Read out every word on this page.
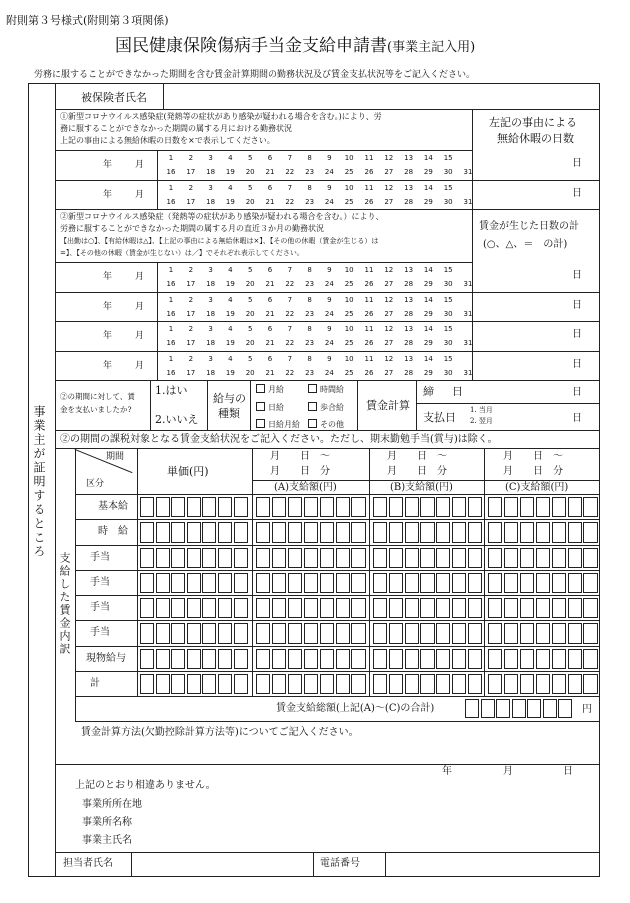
附則第３号様式(附則第３項関係)
国民健康保険傷病手当金支給申請書(事業主記入用)
労務に服することができなかった期間を含む賃金計算期間の勤務状況及び賃金支払状況等をご記入ください。
事業主が証明するところ
被保険者氏名
①新型コロナウイルス感染症(発熱等の症状があり感染が疑われる場合を含む。)により、労
務に服することができなかった期間の属する月における勤務状況
上記の事由による無給休暇の日数を×で表示してください。
左記の事由による
無給休暇の日数
年	月
1	2	3	4	5	6	7	8	9	10 11 12 13 14 15
16 17 18 19 20 21 22 23 24 25 26 27 28 29 30 31
日
年	月
1	2	3	4	5	6	7	8	9	10 11 12 13 14 15
16 17 18 19 20 21 22 23 24 25 26 27 28 29 30 31
日
②新型コロナウイルス感染症（発熱等の症状があり感染が疑われる場合を含む。）により、
労務に服することができなかった期間の属する月の直近３か月の勤務状況
【出勤は○】、【有給休暇は△】、【上記の事由による無給休暇は×】、【その他の休暇（賃金が生じる）は
=】、【その他の休暇（賃金が生じない）は／】でそれぞれ表示してください。
賃金が生じた日数の計
(○、△、＝　の計)
年	月
1	2	3	4	5	6	7	8	9	10 11 12 13 14 15
16 17 18 19 20 21 22 23 24 25 26 27 28 29 30 31
日
年	月
1	2	3	4	5	6	7	8	9	10 11 12 13 14 15
16 17 18 19 20 21 22 23 24 25 26 27 28 29 30 31
日
年	月
1	2	3	4	5	6	7	8	9	10 11 12 13 14 15
16 17 18 19 20 21 22 23 24 25 26 27 28 29 30 31
日
年	月
1	2	3	4	5	6	7	8	9	10 11 12 13 14 15
16 17 18 19 20 21 22 23 24 25 26 27 28 29 30 31
日
②の期間に対して、賃
金を支払いましたか?
1.はい
2.いいえ
給与の
種類
月給	時間給
日給	歩合給
日給月給	その他
賃金計算
締 日	日
支払日
1. 当月
2. 翌月	日
②の期間の課税対象となる賃金支給状況をご記入ください。ただし、期末勤勉手当(賞与)は除く。
支給した賃金内訳
期間
区分
単価(円)
月　　日　～
月　　日　分
月　　日　～
月　　日　分
月　　日　～
月　　日　分
(A)支給額(円)	(B)支給額(円)	(C)支給額(円)
基本給
時　給
手当
手当
手当
手当
現物給与
計
賃金支給総額(上記(A)～(C)の合計)	円
賃金計算方法(欠勤控除計算方法等)についてご記入ください。
年	月	日
上記のとおり相違ありません。
事業所所在地
事業所名称
事業主氏名
担当者氏名	電話番号
